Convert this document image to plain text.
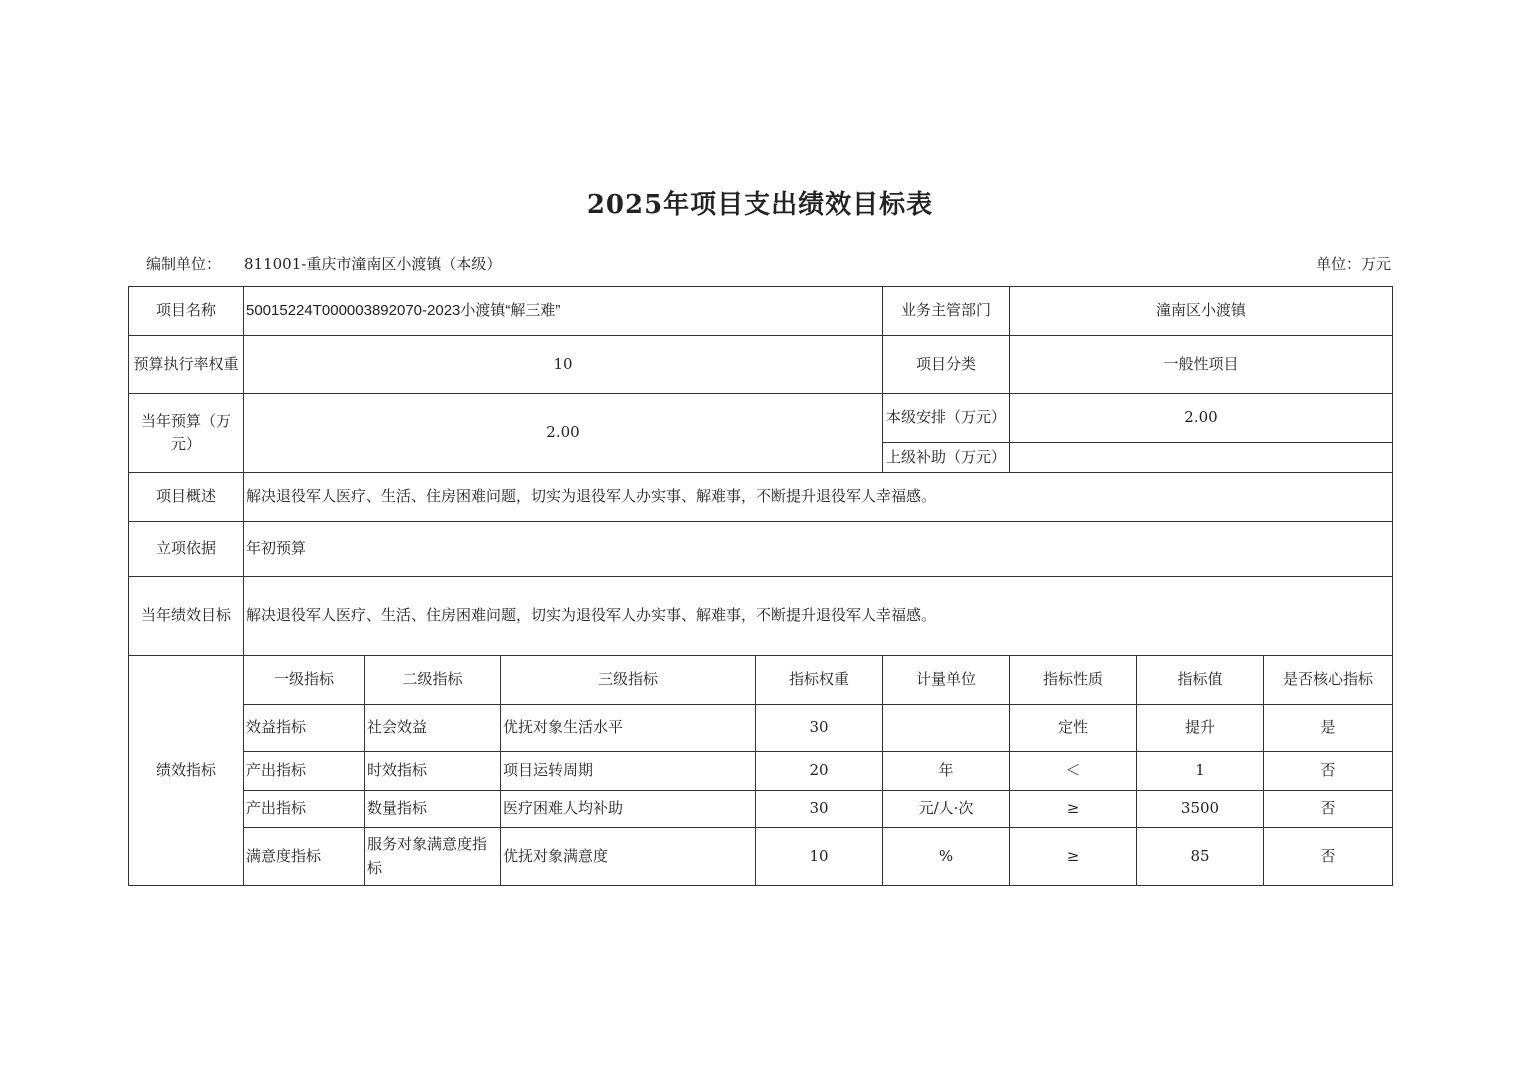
2025年项目支出绩效目标表
编制单位： 811001-重庆市潼南区小渡镇（本级）	单位：万元
项目名称	50015224T000003892070-2023小渡镇“解三难”				业务主管部门	潼南区小渡镇		
预算执行率权重	10				项目分类	一般性项目		
当年预算（万元）	2.00				本级安排（万元）	2.00		
					上级补助（万元）			
项目概述	解决退役军人医疗、生活、住房困难问题，切实为退役军人办实事、解难事，不断提升退役军人幸福感。							
立项依据	年初预算							
当年绩效目标	解决退役军人医疗、生活、住房困难问题，切实为退役军人办实事、解难事，不断提升退役军人幸福感。							
绩效指标	一级指标	二级指标	三级指标	指标权重	计量单位	指标性质	指标值	是否核心指标
	效益指标	社会效益	优抚对象生活水平	30		定性	提升	是
	产出指标	时效指标	项目运转周期	20	年	＜	1	否
	产出指标	数量指标	医疗困难人均补助	30	元/人·次	≥	3500	否
	满意度指标	服务对象满意度指标	优抚对象满意度	10	%	≥	85	否
